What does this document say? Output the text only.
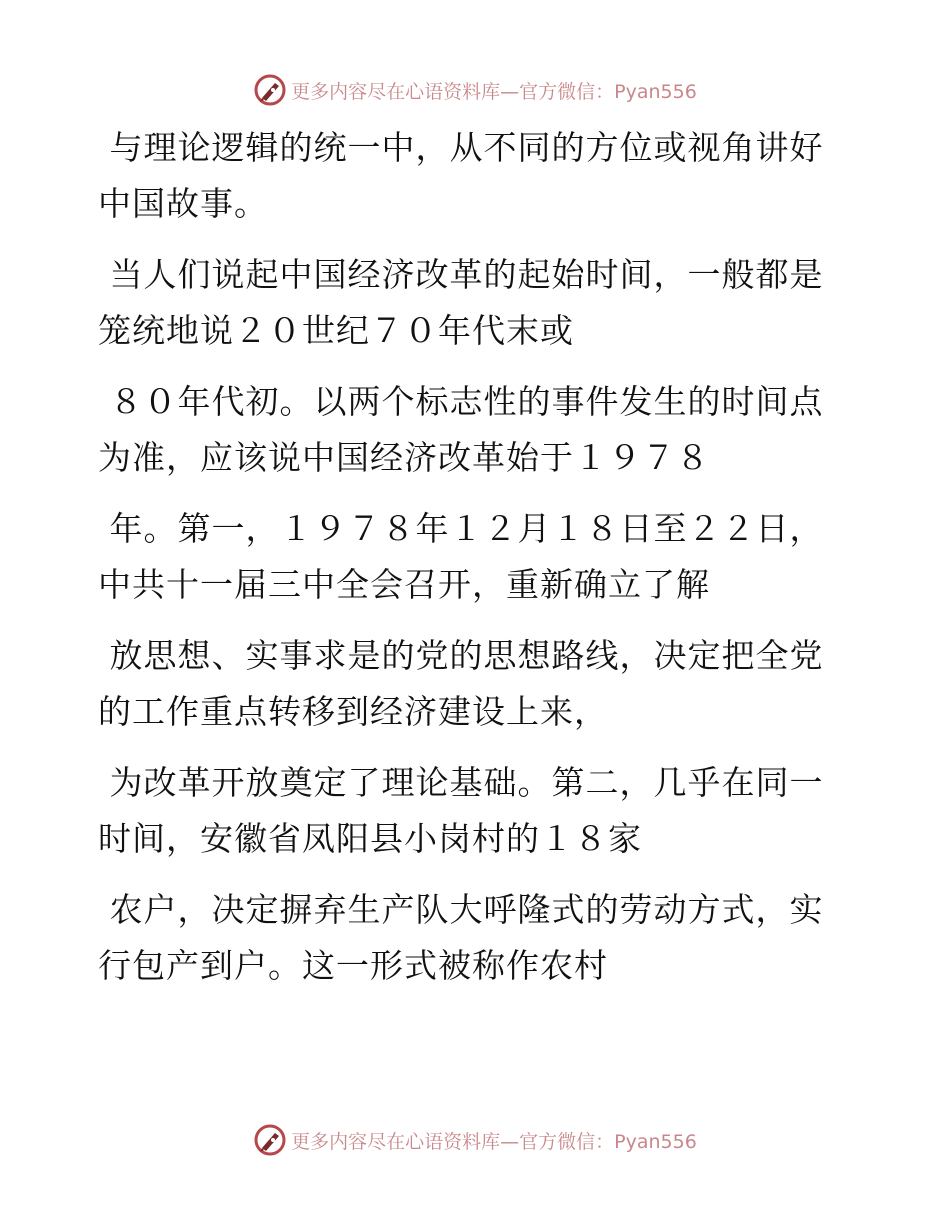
更多内容尽在心语资料库—官方微信：Pyan556

与理论逻辑的统一中，从不同的方位或视角讲好
中国故事。

当人们说起中国经济改革的起始时间，一般都是
笼统地说２０世纪７０年代末或

８０年代初。以两个标志性的事件发生的时间点
为准，应该说中国经济改革始于１９７８

年。第一，１９７８年１２月１８日至２２日，
中共十一届三中全会召开，重新确立了解

放思想、实事求是的党的思想路线，决定把全党
的工作重点转移到经济建设上来，

为改革开放奠定了理论基础。第二，几乎在同一
时间，安徽省凤阳县小岗村的１８家

农户，决定摒弃生产队大呼隆式的劳动方式，实
行包产到户。这一形式被称作农村

更多内容尽在心语资料库—官方微信：Pyan556
